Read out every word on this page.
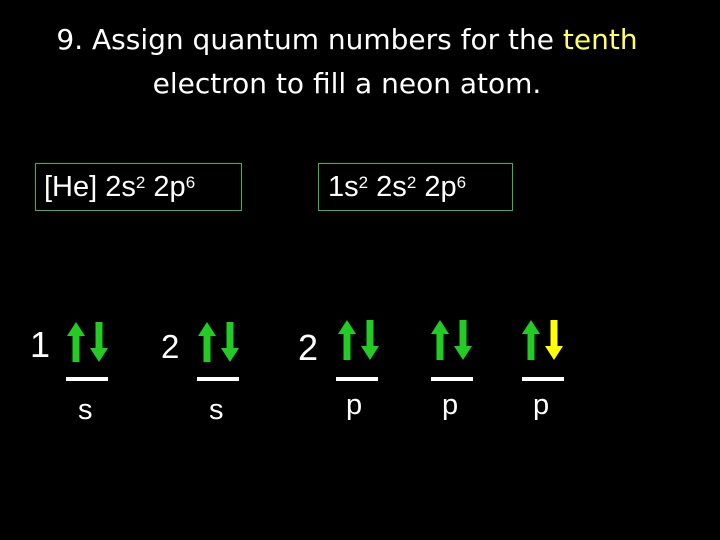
9. Assign quantum numbers for the tenth
electron to fill a neon atom.
[He]
$2s^2$
$2p^6$	$1s^2$
$2s^2$
$2p^6$
1	2	2
s	s	p	p	p
